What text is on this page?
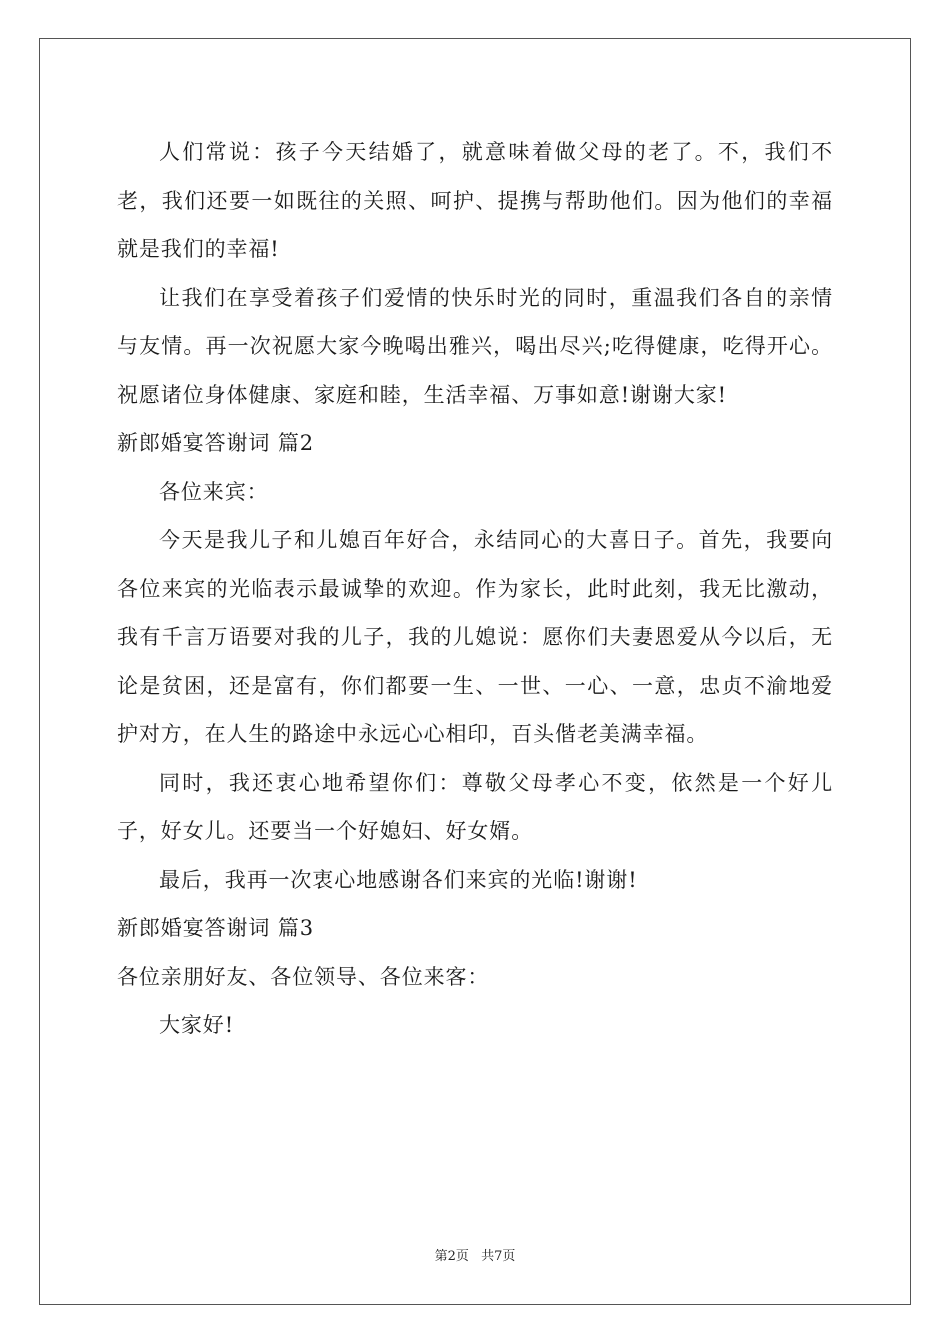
人们常说：孩子今天结婚了，就意味着做父母的老了。不，我们不老，我们还要一如既往的关照、呵护、提携与帮助他们。因为他们的幸福就是我们的幸福!

让我们在享受着孩子们爱情的快乐时光的同时，重温我们各自的亲情与友情。再一次祝愿大家今晚喝出雅兴，喝出尽兴;吃得健康，吃得开心。祝愿诸位身体健康、家庭和睦，生活幸福、万事如意!谢谢大家!

新郎婚宴答谢词 篇2

各位来宾：

今天是我儿子和儿媳百年好合，永结同心的大喜日子。首先，我要向各位来宾的光临表示最诚挚的欢迎。作为家长，此时此刻，我无比激动，我有千言万语要对我的儿子，我的儿媳说：愿你们夫妻恩爱从今以后，无论是贫困，还是富有，你们都要一生、一世、一心、一意，忠贞不渝地爱护对方，在人生的路途中永远心心相印，百头偕老美满幸福。

同时，我还衷心地希望你们：尊敬父母孝心不变，依然是一个好儿子，好女儿。还要当一个好媳妇、好女婿。

最后，我再一次衷心地感谢各们来宾的光临!谢谢!

新郎婚宴答谢词 篇3

各位亲朋好友、各位领导、各位来客：

大家好!

第2页 共7页
